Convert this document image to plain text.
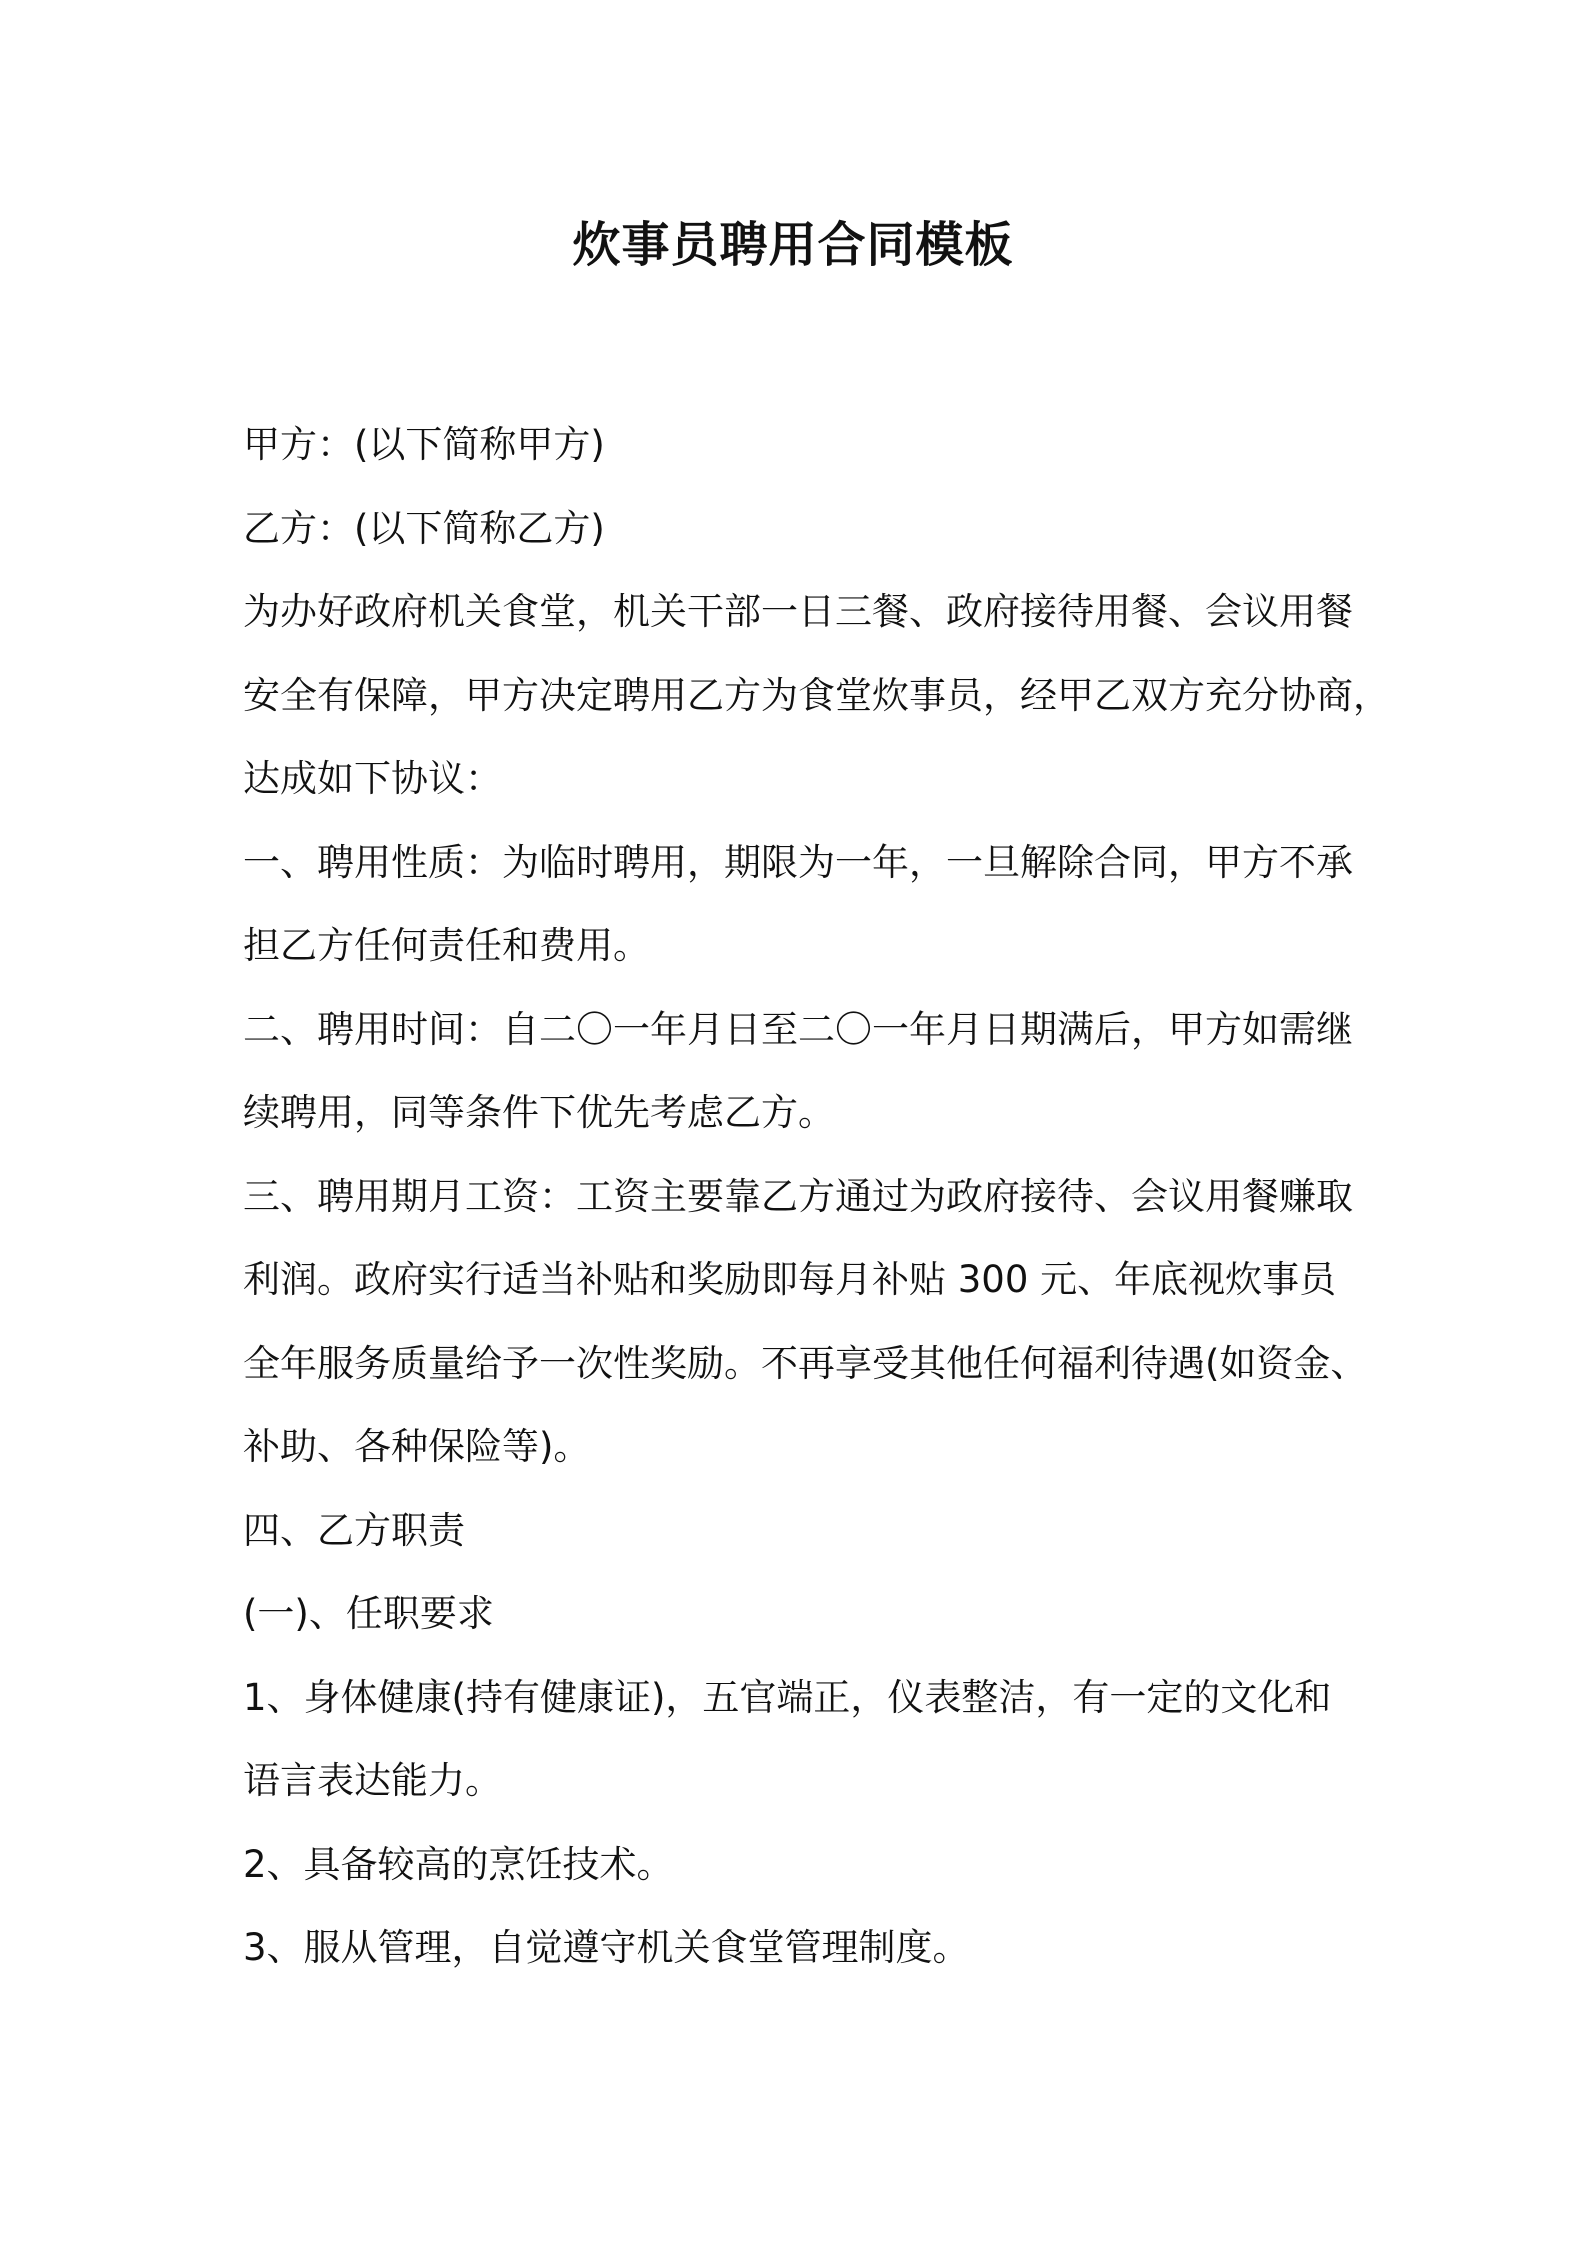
炊事员聘用合同模板

甲方：(以下简称甲方)

乙方：(以下简称乙方)

为办好政府机关食堂，机关干部一日三餐、政府接待用餐、会议用餐

安全有保障，甲方决定聘用乙方为食堂炊事员，经甲乙双方充分协商，

达成如下协议：

一、聘用性质：为临时聘用，期限为一年，一旦解除合同，甲方不承

担乙方任何责任和费用。

二、聘用时间：自二〇一年月日至二〇一年月日期满后，甲方如需继

续聘用，同等条件下优先考虑乙方。

三、聘用期月工资：工资主要靠乙方通过为政府接待、会议用餐赚取

利润。政府实行适当补贴和奖励即每月补贴 300 元、年底视炊事员

全年服务质量给予一次性奖励。不再享受其他任何福利待遇(如资金、

补助、各种保险等)。

四、乙方职责

(一)、任职要求

1、身体健康(持有健康证)，五官端正，仪表整洁，有一定的文化和

语言表达能力。

2、具备较高的烹饪技术。

3、服从管理，自觉遵守机关食堂管理制度。
